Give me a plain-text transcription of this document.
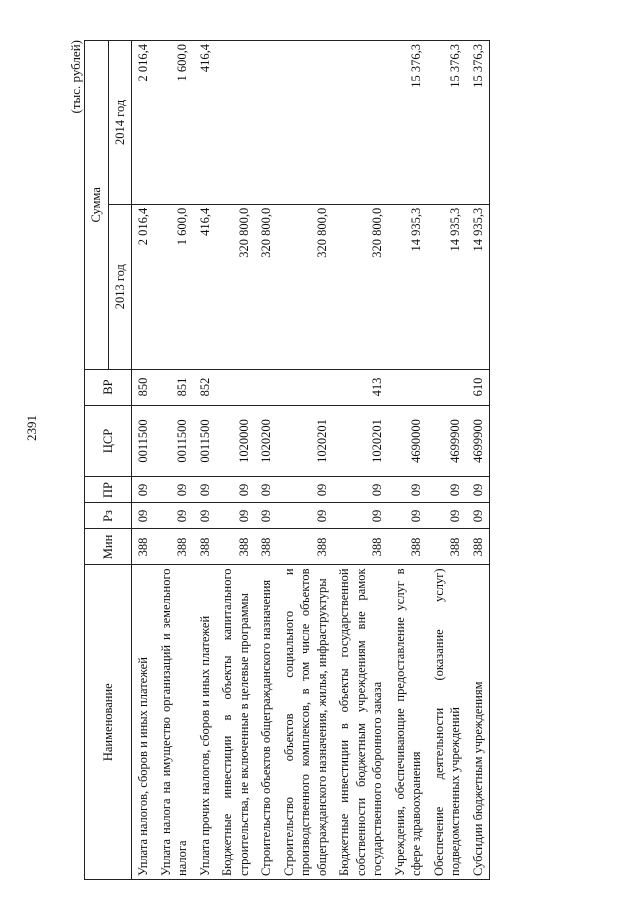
2391
(тыс. рублей)
Наименование	Мин	Рз	ПР	ЦСР	ВР	Сумма	
						2013 год	2014 год
Уплата налогов, сборов и иных платежей	388	09	09	0011500	850	2 016,4	2 016,4
Уплата налога на имущество организаций и земельного налога	388	09	09	0011500	851	1 600,0	1 600,0
Уплата прочих налогов, сборов и иных платежей	388	09	09	0011500	852	416,4	416,4
Бюджетные инвестиции в объекты капитального строительства, не включенные в целевые программы	388	09	09	1020000		320 800,0	
Строительство объектов общегражданского назначения	388	09	09	1020200		320 800,0	
Строительство объектов социального и производственного комплексов, в том числе объектов общегражданского назначения, жилья, инфраструктуры	388	09	09	1020201		320 800,0	
Бюджетные инвестиции в объекты государственной собственности бюджетным учреждениям вне рамок государственного оборонного заказа	388	09	09	1020201	413	320 800,0	
Учреждения, обеспечивающие предоставление услуг в сфере здравоохранения	388	09	09	4690000		14 935,3	15 376,3
Обеспечение деятельности (оказание услуг) подведомственных учреждений	388	09	09	4699900		14 935,3	15 376,3
Субсидии бюджетным учреждениям	388	09	09	4699900	610	14 935,3	15 376,3
